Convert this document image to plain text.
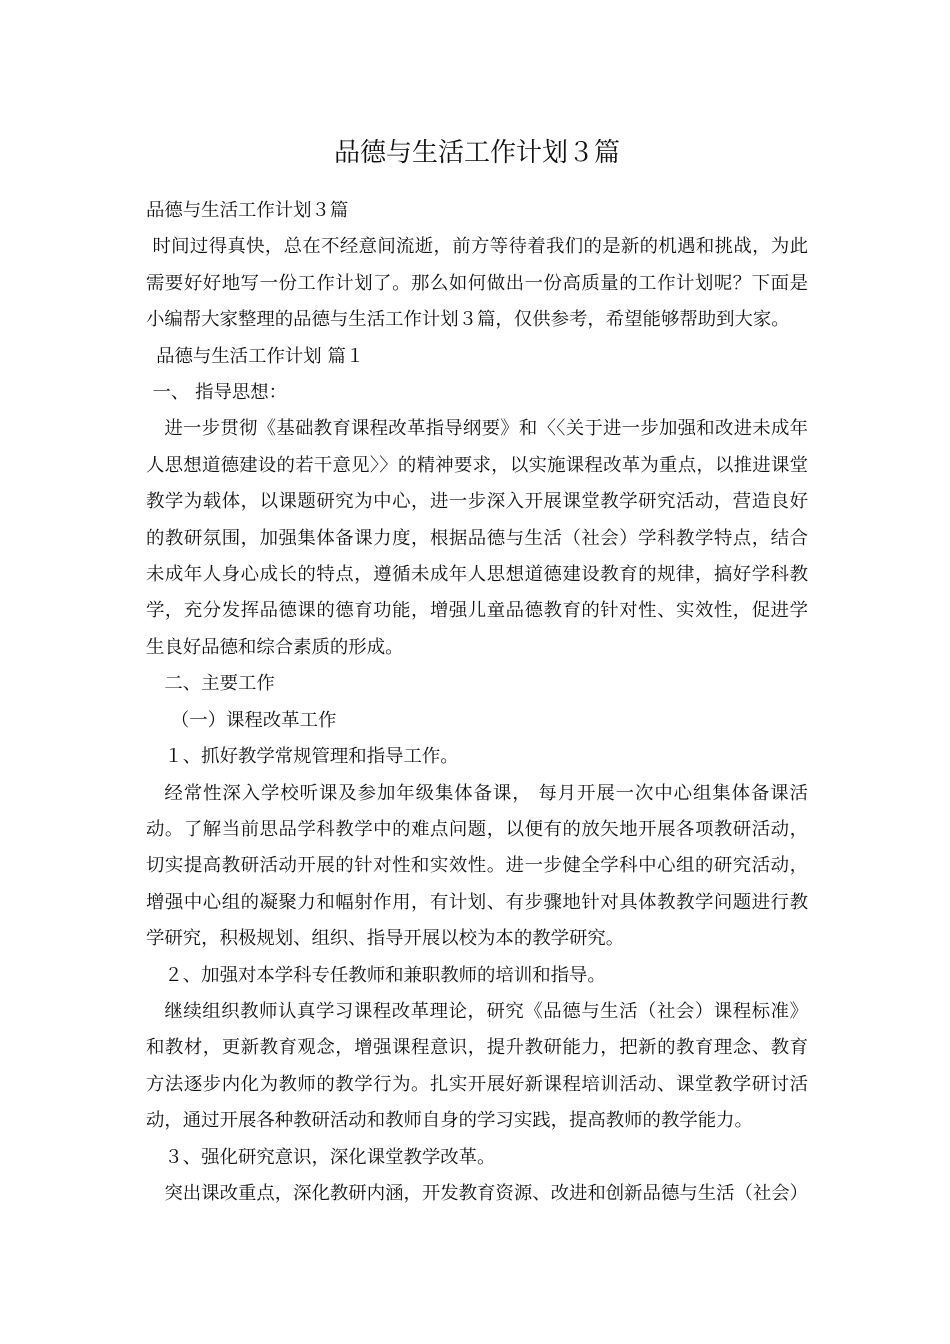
品德与生活工作计划３篇

品德与生活工作计划３篇

时间过得真快，总在不经意间流逝，前方等待着我们的是新的机遇和挑战，为此需要好好地写一份工作计划了。那么如何做出一份高质量的工作计划呢？下面是小编帮大家整理的品德与生活工作计划３篇，仅供参考，希望能够帮助到大家。

品德与生活工作计划 篇１

一、 指导思想：

进一步贯彻《基础教育课程改革指导纲要》和〈〈关于进一步加强和改进未成年人思想道德建设的若干意见〉〉的精神要求，以实施课程改革为重点，以推进课堂教学为载体，以课题研究为中心，进一步深入开展课堂教学研究活动，营造良好的教研氛围，加强集体备课力度，根据品德与生活（社会）学科教学特点，结合未成年人身心成长的特点，遵循未成年人思想道德建设教育的规律，搞好学科教学，充分发挥品德课的德育功能，增强儿童品德教育的针对性、实效性，促进学生良好品德和综合素质的形成。

二、主要工作

（一）课程改革工作

１、抓好教学常规管理和指导工作。

经常性深入学校听课及参加年级集体备课， 每月开展一次中心组集体备课活动。了解当前思品学科教学中的难点问题，以便有的放矢地开展各项教研活动，切实提高教研活动开展的针对性和实效性。进一步健全学科中心组的研究活动，增强中心组的凝聚力和幅射作用，有计划、有步骤地针对具体教教学问题进行教学研究，积极规划、组织、指导开展以校为本的教学研究。

２、加强对本学科专任教师和兼职教师的培训和指导。

继续组织教师认真学习课程改革理论，研究《品德与生活（社会）课程标准》和教材，更新教育观念，增强课程意识，提升教研能力，把新的教育理念、教育方法逐步内化为教师的教学行为。扎实开展好新课程培训活动、课堂教学研讨活动，通过开展各种教研活动和教师自身的学习实践，提高教师的教学能力。

３、强化研究意识，深化课堂教学改革。

突出课改重点，深化教研内涵，开发教育资源、改进和创新品德与生活（社会）
